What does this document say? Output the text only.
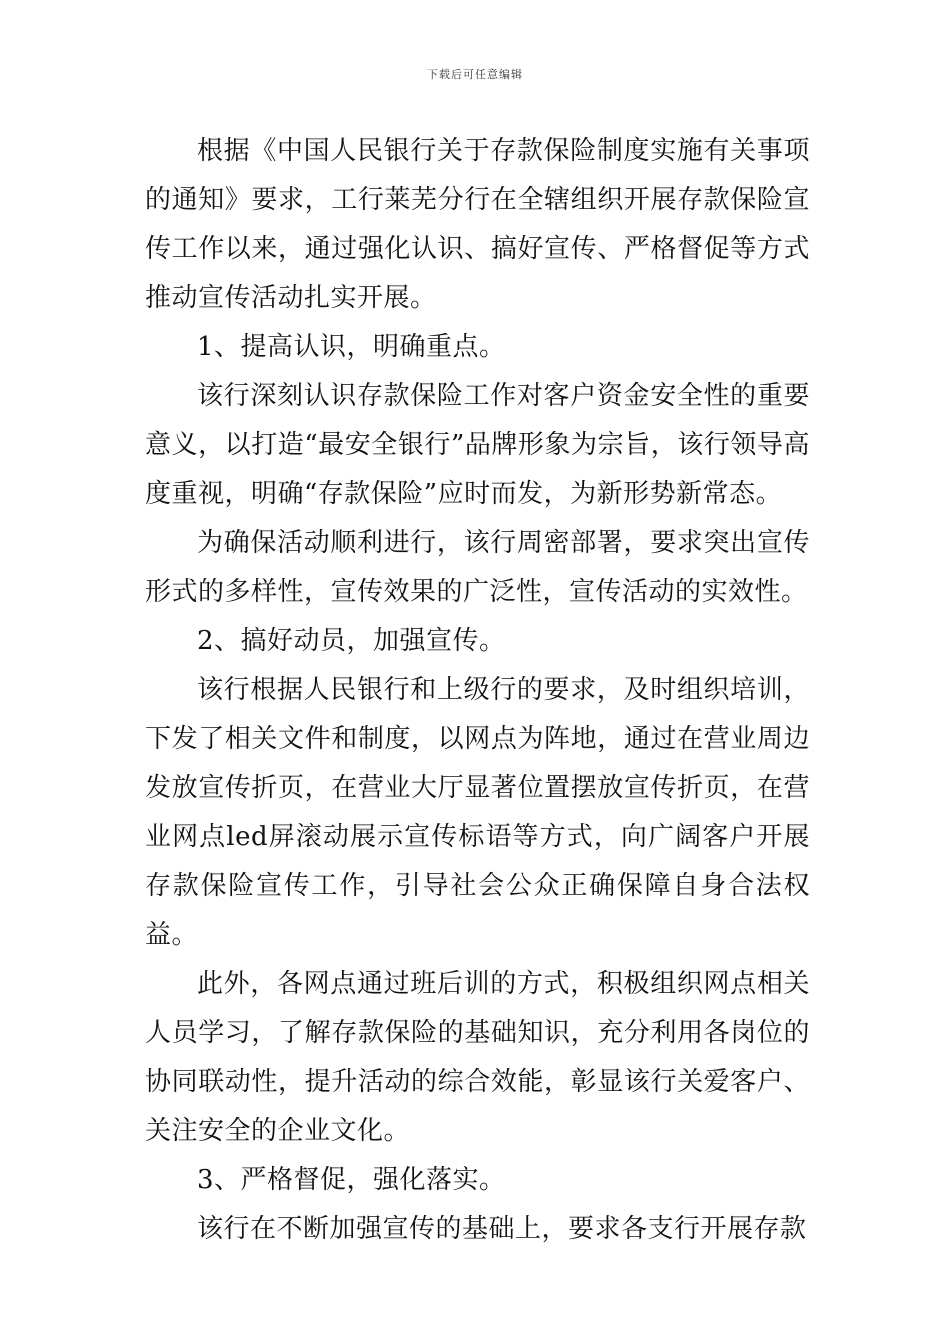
下载后可任意编辑

根据《中国人民银行关于存款保险制度实施有关事项的通知》要求，工行莱芜分行在全辖组织开展存款保险宣传工作以来，通过强化认识、搞好宣传、严格督促等方式推动宣传活动扎实开展。

1、提高认识，明确重点。

该行深刻认识存款保险工作对客户资金安全性的重要意义，以打造“最安全银行”品牌形象为宗旨，该行领导高度重视，明确“存款保险”应时而发，为新形势新常态。

为确保活动顺利进行，该行周密部署，要求突出宣传形式的多样性，宣传效果的广泛性，宣传活动的实效性。

2、搞好动员，加强宣传。

该行根据人民银行和上级行的要求，及时组织培训，下发了相关文件和制度，以网点为阵地，通过在营业周边发放宣传折页，在营业大厅显著位置摆放宣传折页，在营业网点led屏滚动展示宣传标语等方式，向广阔客户开展存款保险宣传工作，引导社会公众正确保障自身合法权益。

此外，各网点通过班后训的方式，积极组织网点相关人员学习，了解存款保险的基础知识，充分利用各岗位的协同联动性，提升活动的综合效能，彰显该行关爱客户、关注安全的企业文化。

3、严格督促，强化落实。

该行在不断加强宣传的基础上，要求各支行开展存款
